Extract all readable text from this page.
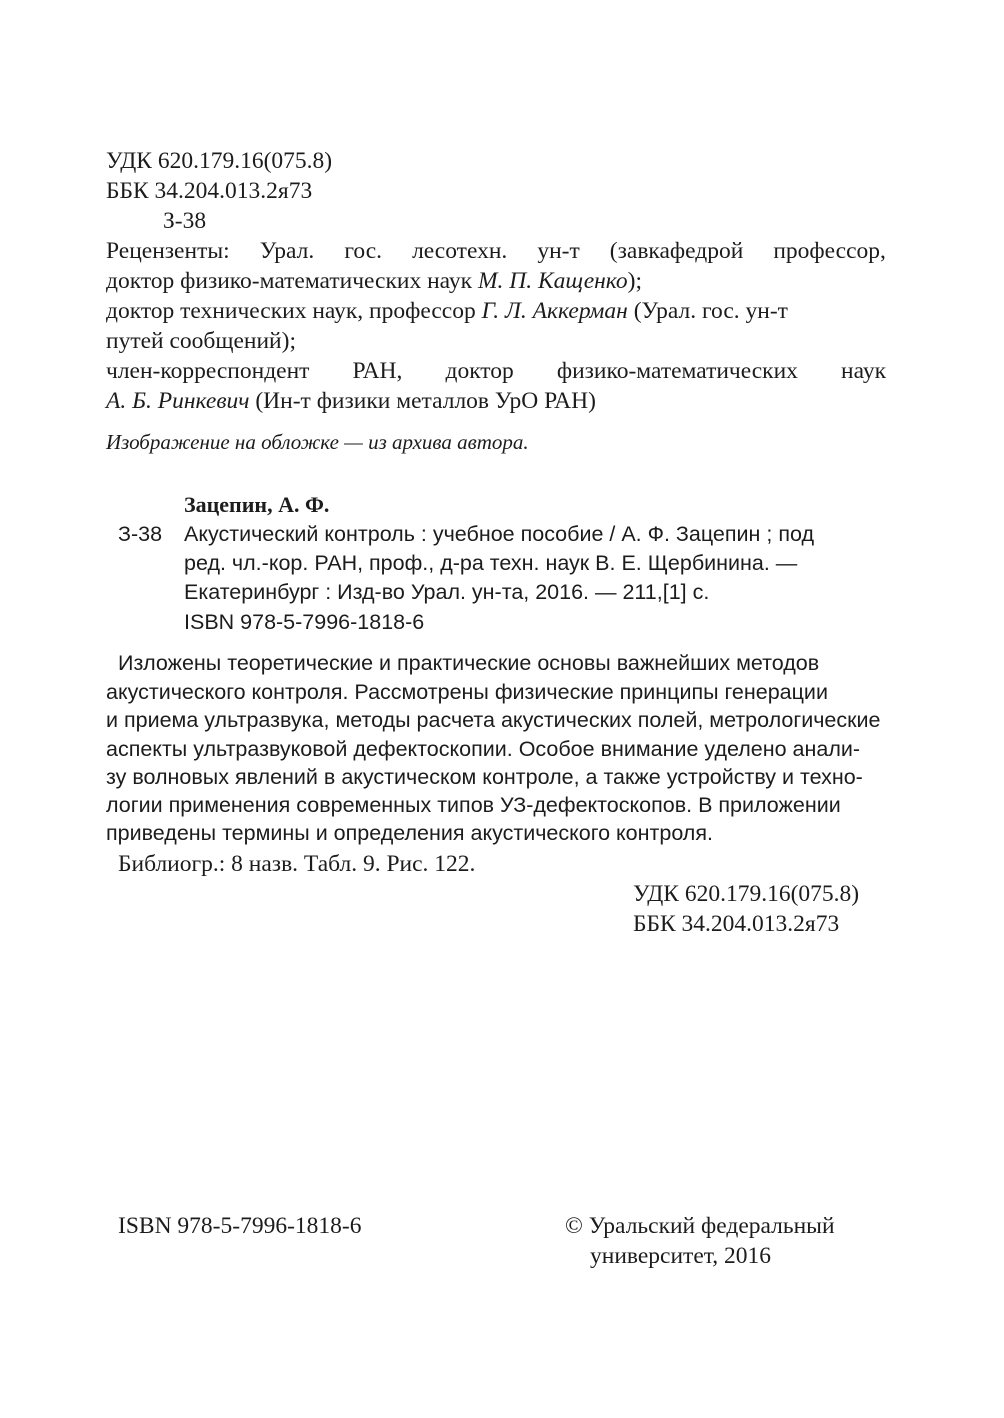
УДК 620.179.16(075.8)
ББК 34.204.013.2я73
З-38
Рецензенты: Урал. гос. лесотехн. ун-т (завкафедрой профессор,
доктор физико-математических наук М. П. Кащенко);
доктор технических наук, профессор Г. Л. Аккерман (Урал. гос. ун-т
путей сообщений);
член-корреспондент РАН, доктор физико-математических наук
А. Б. Ринкевич (Ин-т физики металлов УрО РАН)
Изображение на обложке — из архива автора.
Зацепин, А. Ф.
З-38 Акустический контроль : учебное пособие / А. Ф. Зацепин ; под
ред. чл.-кор. РАН, проф., д-ра техн. наук В. Е. Щербинина. —
Екатеринбург : Изд-во Урал. ун-та, 2016. — 211,[1] с.
ISBN 978-5-7996-1818-6
Изложены теоретические и практические основы важнейших методов
акустического контроля. Рассмотрены физические принципы генерации
и приема ультразвука, методы расчета акустических полей, метрологические
аспекты ультразвуковой дефектоскопии. Особое внимание уделено анали-
зу волновых явлений в акустическом контроле, а также устройству и техно-
логии применения современных типов УЗ-дефектоскопов. В приложении
приведены термины и определения акустического контроля.
Библиогр.: 8 назв. Табл. 9. Рис. 122.
УДК 620.179.16(075.8)
ББК 34.204.013.2я73
ISBN 978-5-7996-1818-6	© Уральский федеральный
университет, 2016
